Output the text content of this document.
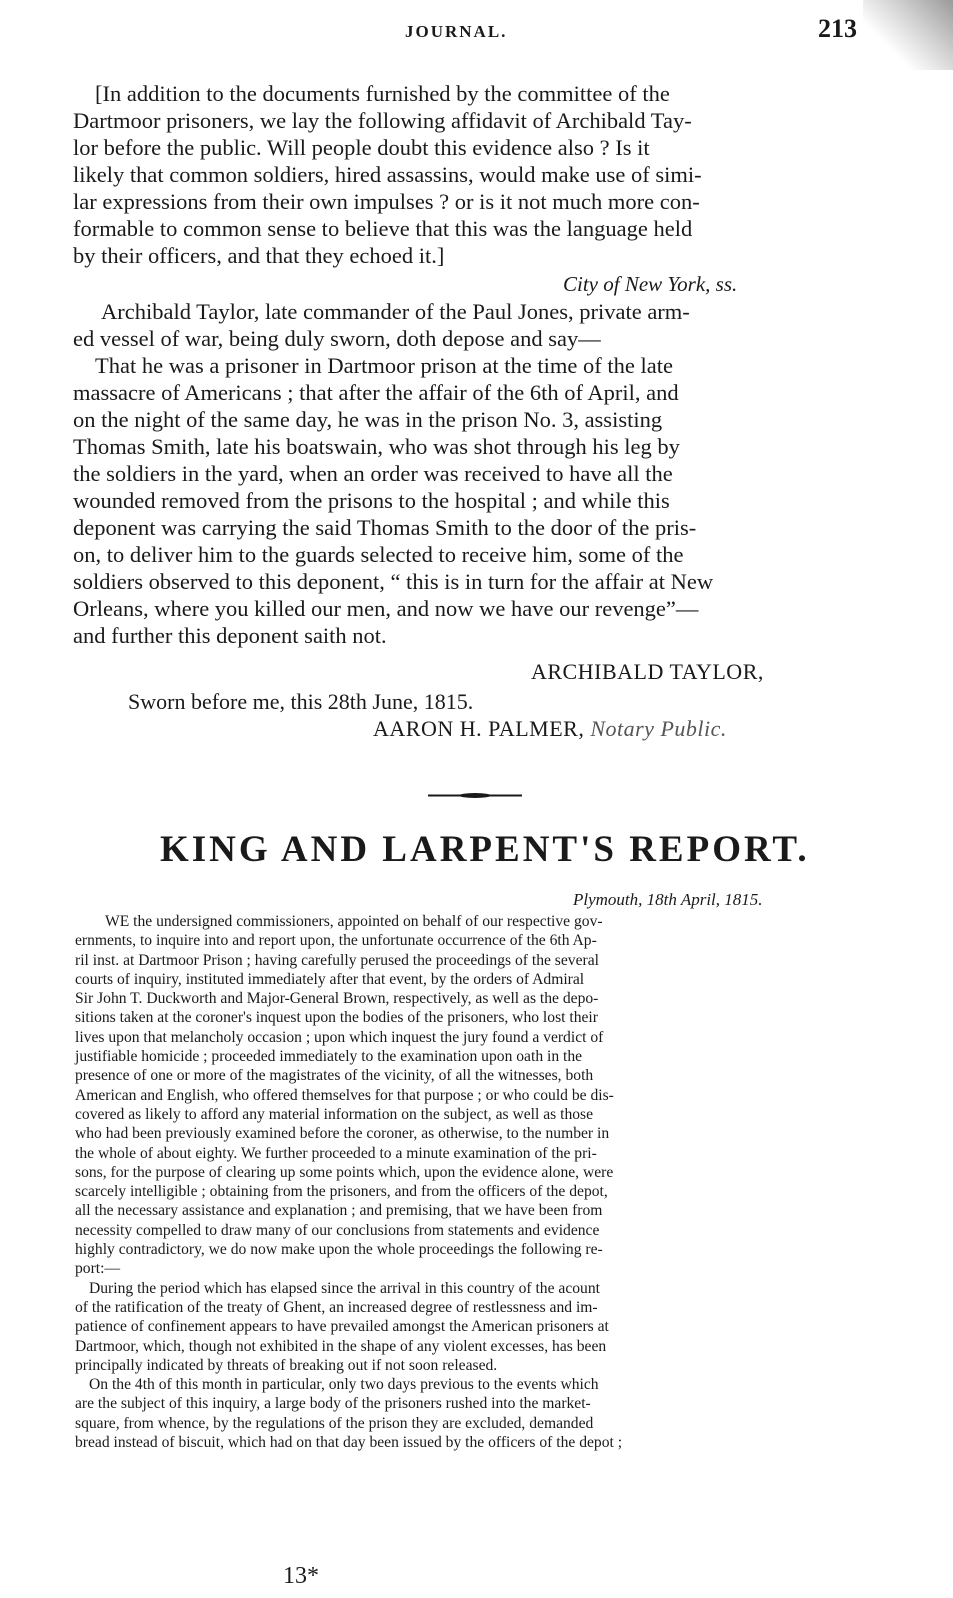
JOURNAL.	213
[In addition to the documents furnished by the committee of the
Dartmoor prisoners, we lay the following affidavit of Archibald Tay-
lor before the public. Will people doubt this evidence also ? Is it
likely that common soldiers, hired assassins, would make use of simi-
lar expressions from their own impulses ? or is it not much more con-
formable to common sense to believe that this was the language held
by their officers, and that they echoed it.]
City of New York, ss.
Archibald Taylor, late commander of the Paul Jones, private arm-
ed vessel of war, being duly sworn, doth depose and say—
That he was a prisoner in Dartmoor prison at the time of the late
massacre of Americans ; that after the affair of the 6th of April, and
on the night of the same day, he was in the prison No. 3, assisting
Thomas Smith, late his boatswain, who was shot through his leg by
the soldiers in the yard, when an order was received to have all the
wounded removed from the prisons to the hospital ; and while this
deponent was carrying the said Thomas Smith to the door of the pris-
on, to deliver him to the guards selected to receive him, some of the
soldiers observed to this deponent, “ this is in turn for the affair at New
Orleans, where you killed our men, and now we have our revenge”—
and further this deponent saith not.
ARCHIBALD TAYLOR,
Sworn before me, this 28th June, 1815.
AARON H. PALMER, Notary Public.
KING AND LARPENT'S REPORT.
Plymouth, 18th April, 1815.
WE the undersigned commissioners, appointed on behalf of our respective gov-
ernments, to inquire into and report upon, the unfortunate occurrence of the 6th Ap-
ril inst. at Dartmoor Prison ; having carefully perused the proceedings of the several
courts of inquiry, instituted immediately after that event, by the orders of Admiral
Sir John T. Duckworth and Major-General Brown, respectively, as well as the depo-
sitions taken at the coroner's inquest upon the bodies of the prisoners, who lost their
lives upon that melancholy occasion ; upon which inquest the jury found a verdict of
justifiable homicide ; proceeded immediately to the examination upon oath in the
presence of one or more of the magistrates of the vicinity, of all the witnesses, both
American and English, who offered themselves for that purpose ; or who could be dis-
covered as likely to afford any material information on the subject, as well as those
who had been previously examined before the coroner, as otherwise, to the number in
the whole of about eighty. We further proceeded to a minute examination of the pri-
sons, for the purpose of clearing up some points which, upon the evidence alone, were
scarcely intelligible ; obtaining from the prisoners, and from the officers of the depot,
all the necessary assistance and explanation ; and premising, that we have been from
necessity compelled to draw many of our conclusions from statements and evidence
highly contradictory, we do now make upon the whole proceedings the following re-
port:—
During the period which has elapsed since the arrival in this country of the acount
of the ratification of the treaty of Ghent, an increased degree of restlessness and im-
patience of confinement appears to have prevailed amongst the American prisoners at
Dartmoor, which, though not exhibited in the shape of any violent excesses, has been
principally indicated by threats of breaking out if not soon released.
On the 4th of this month in particular, only two days previous to the events which
are the subject of this inquiry, a large body of the prisoners rushed into the market-
square, from whence, by the regulations of the prison they are excluded, demanded
bread instead of biscuit, which had on that day been issued by the officers of the depot ;
13*
